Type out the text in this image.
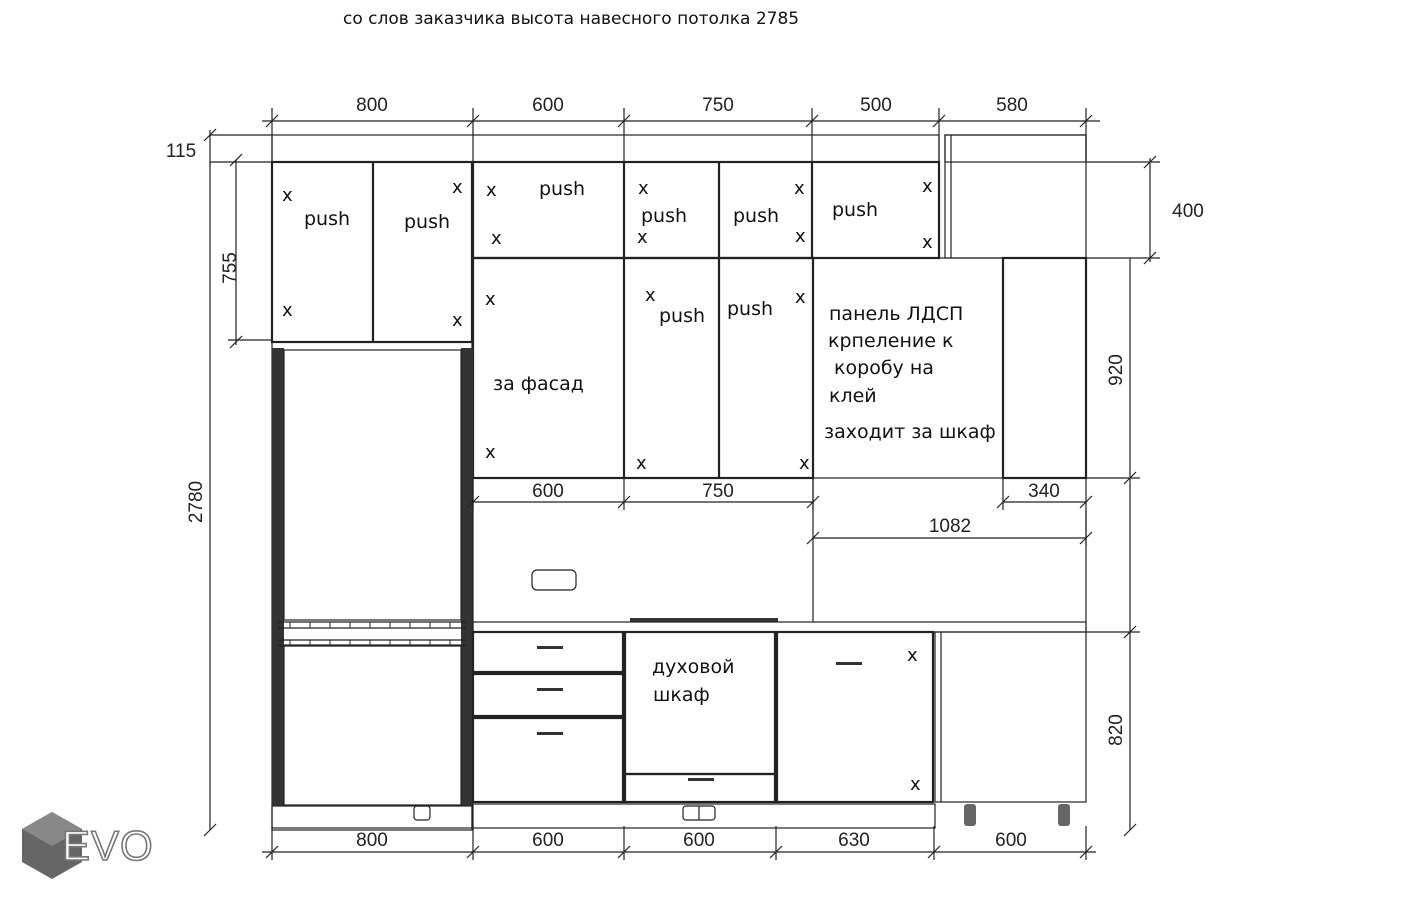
со слов заказчика высота навесного потолка 2785
800	600	750	500	580
115
755
2780
400
920
820
600	750	340
1082
800	600	600	630	600
push	push
push
push push	push
push push
x
x
x
x
x
x
x
x
x
x
x
x
x
x
x
x
x
x
x
x
за фасад
панель ЛДСП
крпеление к
коробу на
клей
заходит за шкаф
духовой
шкаф
EVO
